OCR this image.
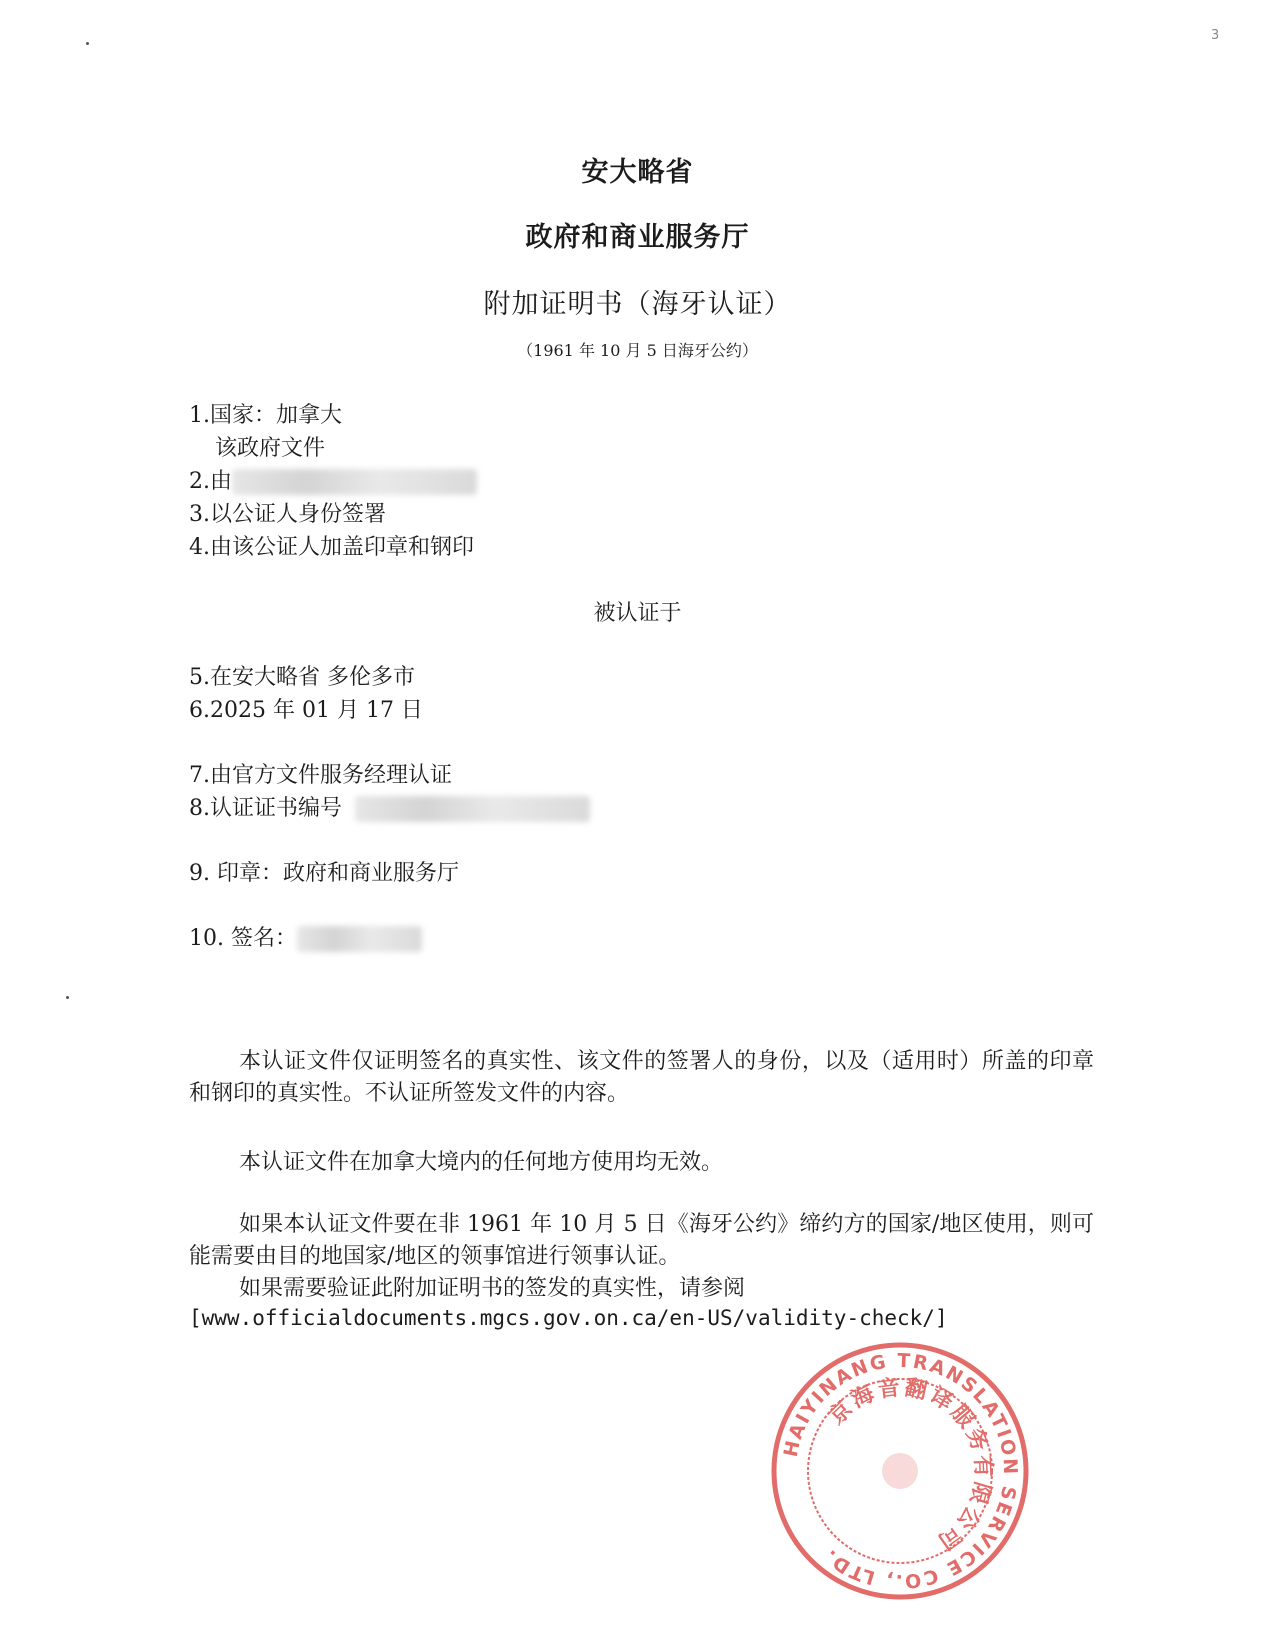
3
安大略省
政府和商业服务厅
附加证明书（海牙认证）
（1961 年 10 月 5 日海牙公约）
1.国家：加拿大
该政府文件
2.由
3.以公证人身份签署
4.由该公证人加盖印章和钢印
被认证于
5.在安大略省 多伦多市
6.2025 年 01 月 17 日
7.由官方文件服务经理认证
8.认证证书编号
9. 印章：政府和商业服务厅
10. 签名：
本认证文件仅证明签名的真实性、该文件的签署人的身份，以及（适用时）所盖的印章和钢印的真实性。不认证所签发文件的内容。
本认证文件在加拿大境内的任何地方使用均无效。
如果本认证文件要在非 1961 年 10 月 5 日《海牙公约》缔约方的国家/地区使用，则可能需要由目的地国家/地区的领事馆进行领事认证。
如果需要验证此附加证明书的签发的真实性，请参阅
[www.officialdocuments.mgcs.gov.on.ca/en-US/validity-check/]
HAIYINANG TRANSLATION SERVICE CO., LTD.
京海音翻译服务有限公司
